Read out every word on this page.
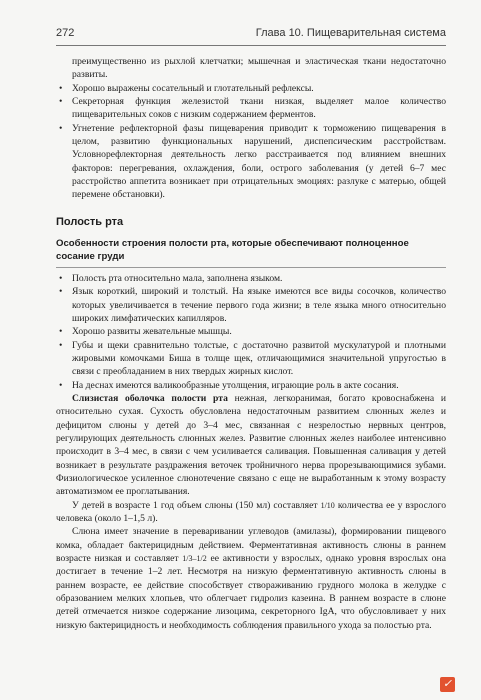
272	Глава 10. Пищеварительная система
преимущественно из рыхлой клетчатки; мышечная и эластическая ткани недостаточно развиты.
• Хорошо выражены сосательный и глотательный рефлексы.
• Секреторная функция железистой ткани низкая, выделяет малое количество пищеварительных соков с низким содержанием ферментов.
• Угнетение рефлекторной фазы пищеварения приводит к торможению пищеварения в целом, развитию функциональных нарушений, диспепсическим расстройствам. Условнорефлекторная деятельность легко расстраивается под влиянием внешних факторов: перегревания, охлаждения, боли, острого заболевания (у детей 6–7 мес расстройство аппетита возникает при отрицательных эмоциях: разлуке с матерью, общей перемене обстановки).
Полость рта
Особенности строения полости рта, которые обеспечивают полноценное сосание груди
• Полость рта относительно мала, заполнена языком.
• Язык короткий, широкий и толстый. На языке имеются все виды сосочков, количество которых увеличивается в течение первого года жизни; в теле языка много относительно широких лимфатических капилляров.
• Хорошо развиты жевательные мышцы.
• Губы и щеки сравнительно толстые, с достаточно развитой мускулатурой и плотными жировыми комочками Биша в толще щек, отличающимися значительной упругостью в связи с преобладанием в них твердых жирных кислот.
• На деснах имеются валикообразные утолщения, играющие роль в акте сосания.

Слизистая оболочка полости рта нежная, легкоранимая, богато кровоснабжена и относительно сухая. Сухость обусловлена недостаточным развитием слюнных желез и дефицитом слюны у детей до 3–4 мес, связанная с незрелостью нервных центров, регулирующих деятельность слюнных желез. Развитие слюнных желез наиболее интенсивно происходит в 3–4 мес, в связи с чем усиливается саливация. Повышенная саливация у детей возникает в результате раздражения веточек тройничного нерва прорезывающимися зубами. Физиологическое усиленное слюнотечение связано с еще не выработанным к этому возрасту автоматизмом ее проглатывания.

У детей в возрасте 1 год объем слюны (150 мл) составляет 1/10 количества ее у взрослого человека (около 1–1,5 л).

Слюна имеет значение в переваривании углеводов (амилазы), формировании пищевого комка, обладает бактерицидным действием. Ферментативная активность слюны в раннем возрасте низкая и составляет 1/3–1/2 ее активности у взрослых, однако уровня взрослых она достигает в течение 1–2 лет. Несмотря на низкую ферментативную активность слюны в раннем возрасте, ее действие способствует створаживанию грудного молока в желудке с образованием мелких хлопьев, что облегчает гидролиз казеина. В раннем возрасте в слюне детей отмечается низкое содержание лизоцима, секреторного IgA, что обусловливает у них низкую бактерицидность и необходимость соблюдения правильного ухода за полостью рта.

✓
